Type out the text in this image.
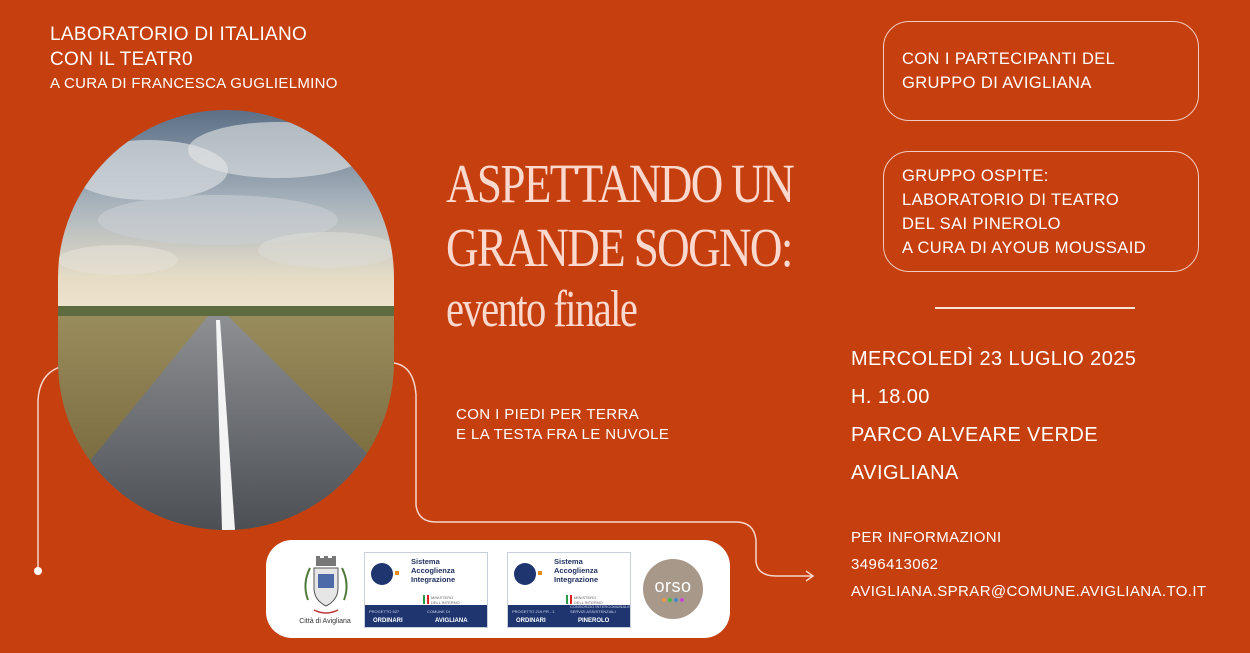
LABORATORIO DI ITALIANO
CON IL TEATR0
A CURA DI FRANCESCA GUGLIELMINO
ASPETTANDO UN
GRANDE SOGNO:
evento finale
CON I PIEDI PER TERRA
E LA TESTA FRA LE NUVOLE
CON I PARTECIPANTI DEL
GRUPPO DI AVIGLIANA
GRUPPO OSPITE:
LABORATORIO DI TEATRO
DEL SAI PINEROLO
A CURA DI AYOUB MOUSSAID
MERCOLEDÌ 23 LUGLIO 2025
H. 18.00
PARCO ALVEARE VERDE
AVIGLIANA
PER INFORMAZIONI
3496413062
AVIGLIANA.SPRAR@COMUNE.AVIGLIANA.TO.IT
Città di Avigliana
Sistema
Accoglienza
Integrazione
MINISTERO DELL'INTERNO
PROGETTO 527	COMUNE DI
ORDINARI	AVIGLIANA
Sistema
Accoglienza
Integrazione
MINISTERO DELL'INTERNO
PROGETTO 219 PR - 1
CONSORZIO INTERCOMUNALE SERVIZI ASSISTENZIALI
ORDINARI	PINEROLO
orso
